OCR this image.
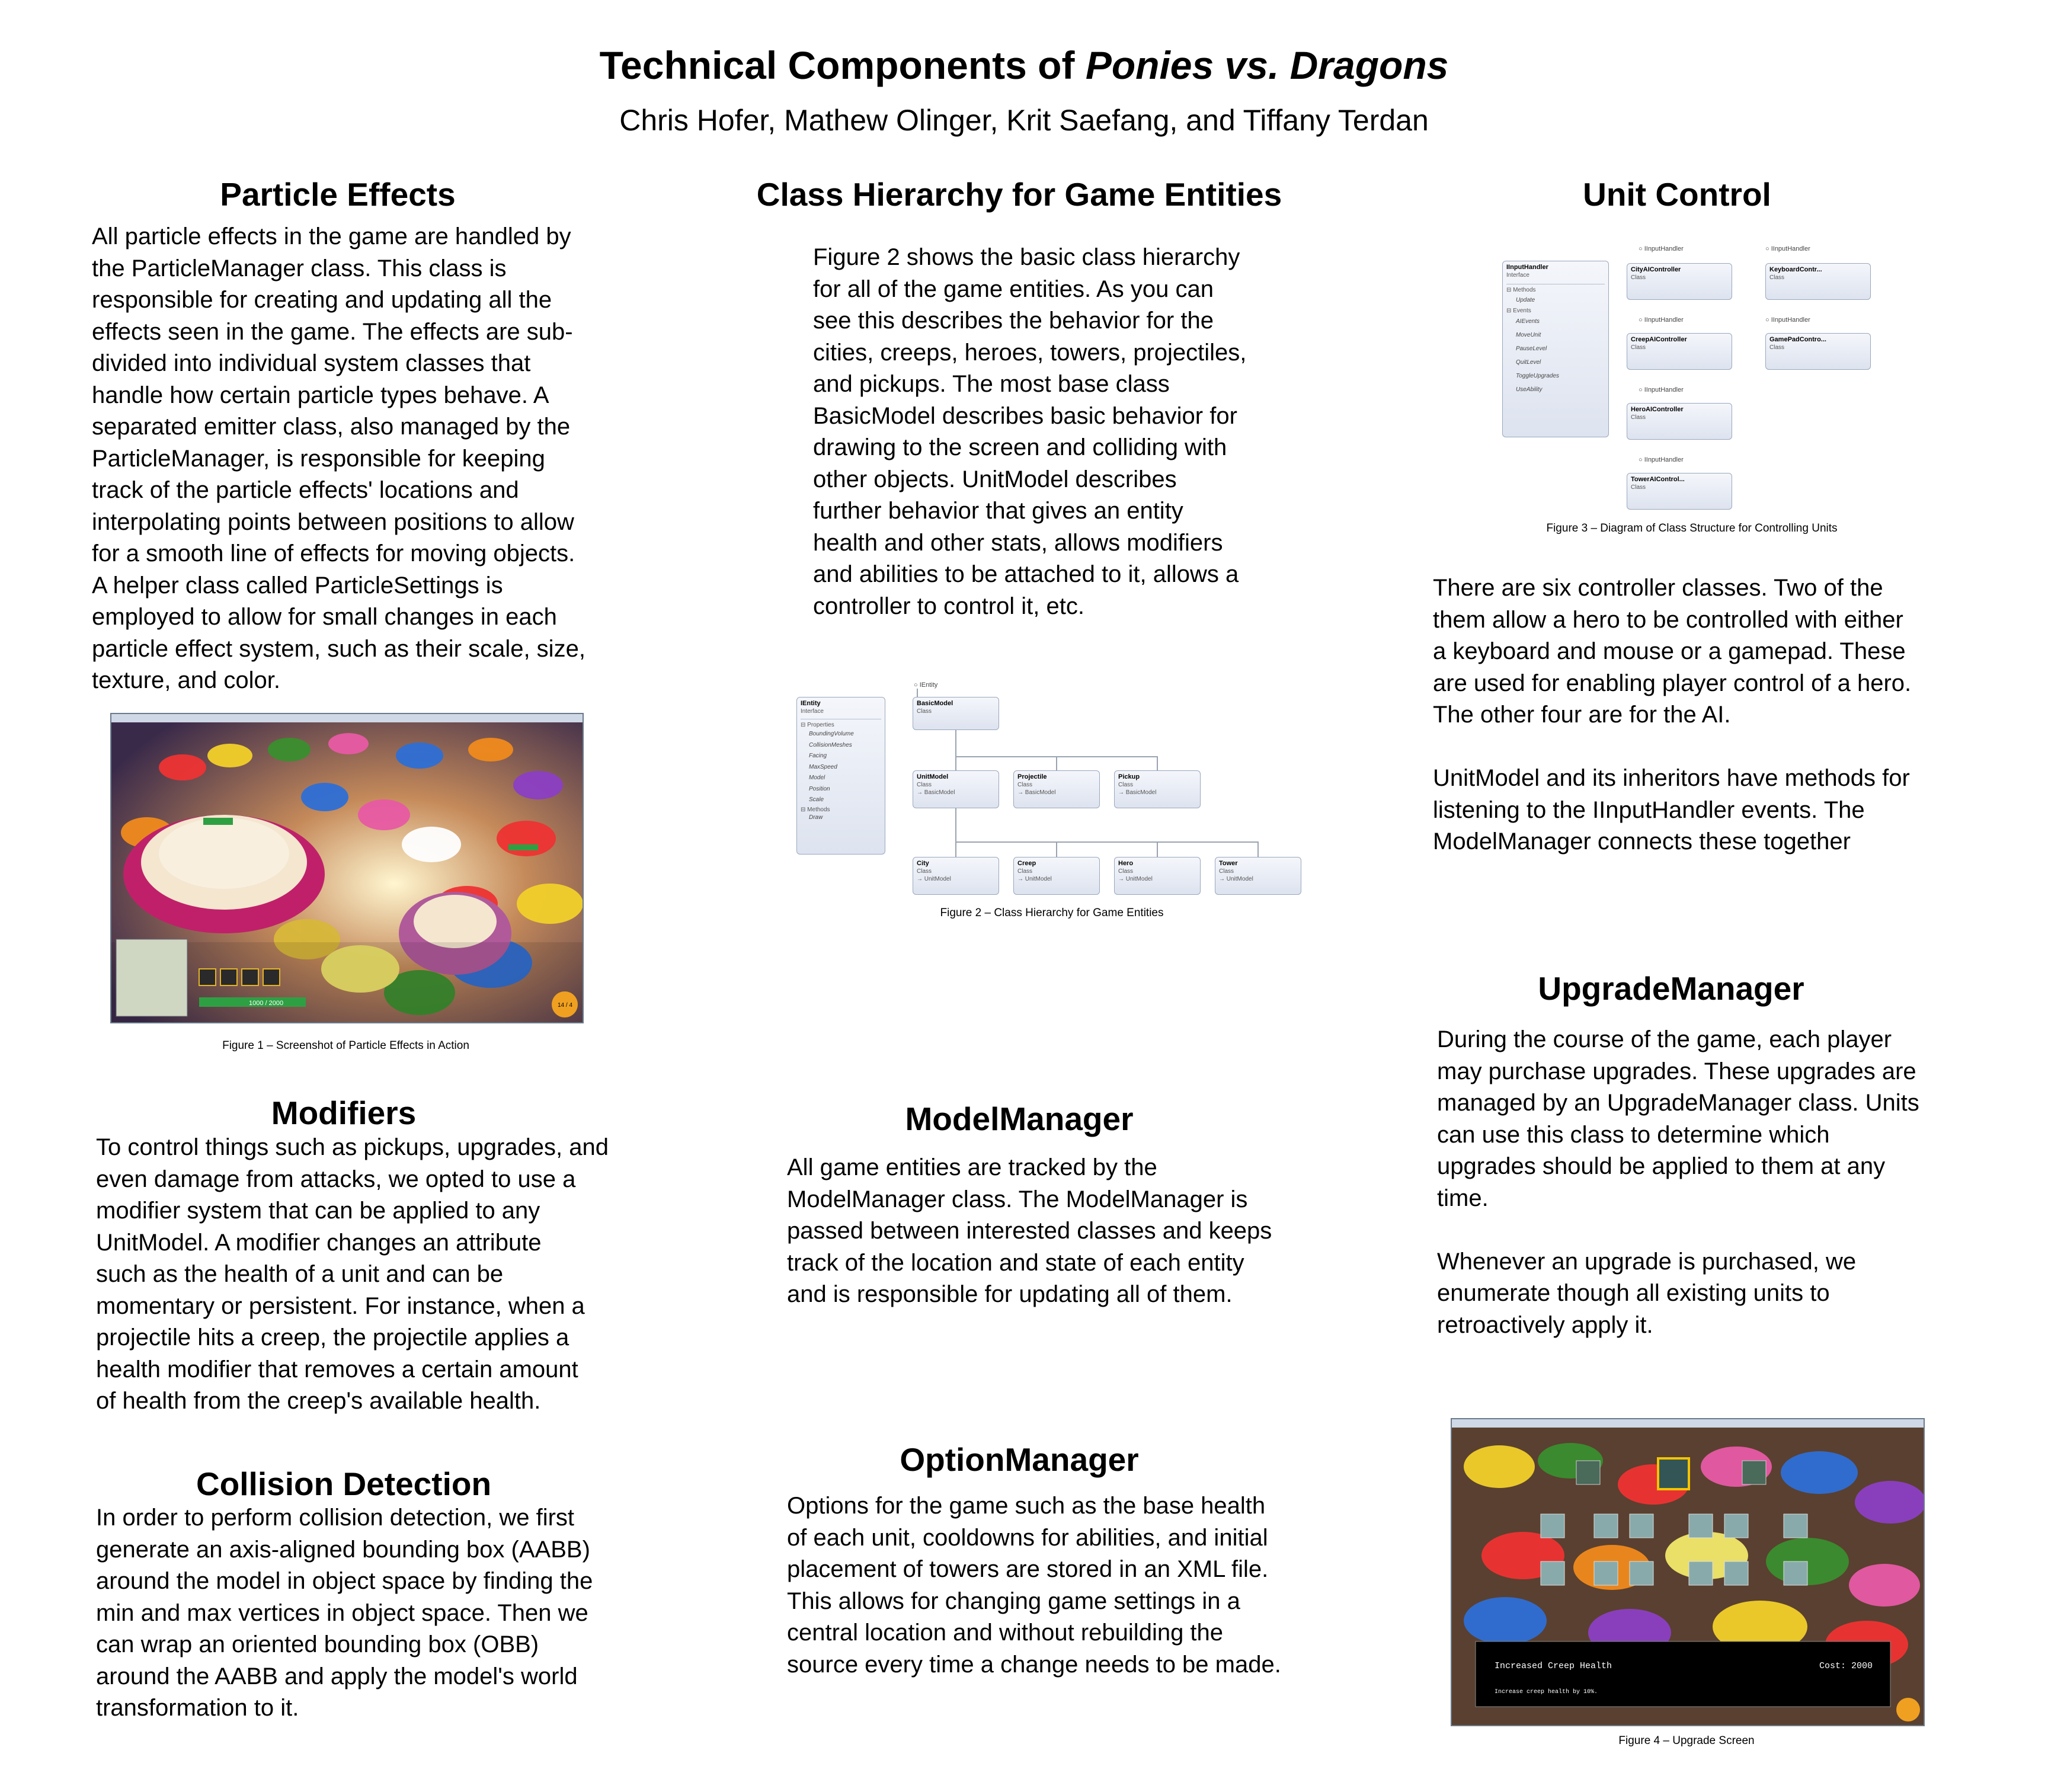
Technical Components of Ponies vs. Dragons
Chris Hofer, Mathew Olinger, Krit Saefang, and Tiffany Terdan
Particle Effects
All particle effects in the game are handled by
the ParticleManager class. This class is
responsible for creating and updating all the
effects seen in the game. The effects are sub-
divided into individual system classes that
handle how certain particle types behave. A
separated emitter class, also managed by the
ParticleManager, is responsible for keeping
track of the particle effects' locations and
interpolating points between positions to allow
for a smooth line of effects for moving objects.
A helper class called ParticleSettings is
employed to allow for small changes in each
particle effect system, such as their scale, size,
texture, and color.
1000 / 2000	14 / 4
Figure 1 – Screenshot of Particle Effects in Action
Modifiers
To control things such as pickups, upgrades, and
even damage from attacks, we opted to use a
modifier system that can be applied to any
UnitModel. A modifier changes an attribute
such as the health of a unit and can be
momentary or persistent. For instance, when a
projectile hits a creep, the projectile applies a
health modifier that removes a certain amount
of health from the creep's available health.
Collision Detection
In order to perform collision detection, we first
generate an axis-aligned bounding box (AABB)
around the model in object space by finding the
min and max vertices in object space. Then we
can wrap an oriented bounding box (OBB)
around the AABB and apply the model's world
transformation to it.
Class Hierarchy for Game Entities
Figure 2 shows the basic class hierarchy
for all of the game entities. As you can
see this describes the behavior for the
cities, creeps, heroes, towers, projectiles,
and pickups. The most base class
BasicModel describes basic behavior for
drawing to the screen and colliding with
other objects. UnitModel describes
further behavior that gives an entity
health and other stats, allows modifiers
and abilities to be attached to it, allows a
controller to control it, etc.
IEntity
Interface
⊟ Properties
BoundingVolume
CollisionMeshes
Facing
MaxSpeed
Model
Position
Scale
⊟ Methods
Draw
○ IEntity
BasicModel
Class
UnitModel
Class
→ BasicModel
Projectile
Class
→ BasicModel
Pickup
Class
→ BasicModel
City
Class
→ UnitModel
Creep
Class
→ UnitModel
Hero
Class
→ UnitModel
Tower
Class
→ UnitModel
Figure 2 – Class Hierarchy for Game Entities
ModelManager
All game entities are tracked by the
ModelManager class. The ModelManager is
passed between interested classes and keeps
track of the location and state of each entity
and is responsible for updating all of them.
OptionManager
Options for the game such as the base health
of each unit, cooldowns for abilities, and initial
placement of towers are stored in an XML file.
This allows for changing game settings in a
central location and without rebuilding the
source every time a change needs to be made.
Unit Control
IInputHandler
Interface
⊟ Methods
Update
⊟ Events
AIEvents
MoveUnit
PauseLevel
QuitLevel
ToggleUpgrades
UseAbility
○ IInputHandler
CityAIController
Class
○ IInputHandler
KeyboardContr...
Class
○ IInputHandler
CreepAIController
Class
○ IInputHandler
GamePadContro...
Class
○ IInputHandler
HeroAIController
Class
○ IInputHandler
TowerAIControl...
Class
Figure 3 – Diagram of Class Structure for Controlling Units
There are six controller classes. Two of the
them allow a hero to be controlled with either
a keyboard and mouse or a gamepad. These
are used for enabling player control of a hero.
The other four are for the AI.

UnitModel and its inheritors have methods for
listening to the IInputHandler events. The
ModelManager connects these together
UpgradeManager
During the course of the game, each player
may purchase upgrades. These upgrades are
managed by an UpgradeManager class. Units
can use this class to determine which
upgrades should be applied to them at any
time.

Whenever an upgrade is purchased, we
enumerate though all existing units to
retroactively apply it.
Increased Creep Health	Cost: 2000
Increase creep health by 10%.
Figure 4 – Upgrade Screen
